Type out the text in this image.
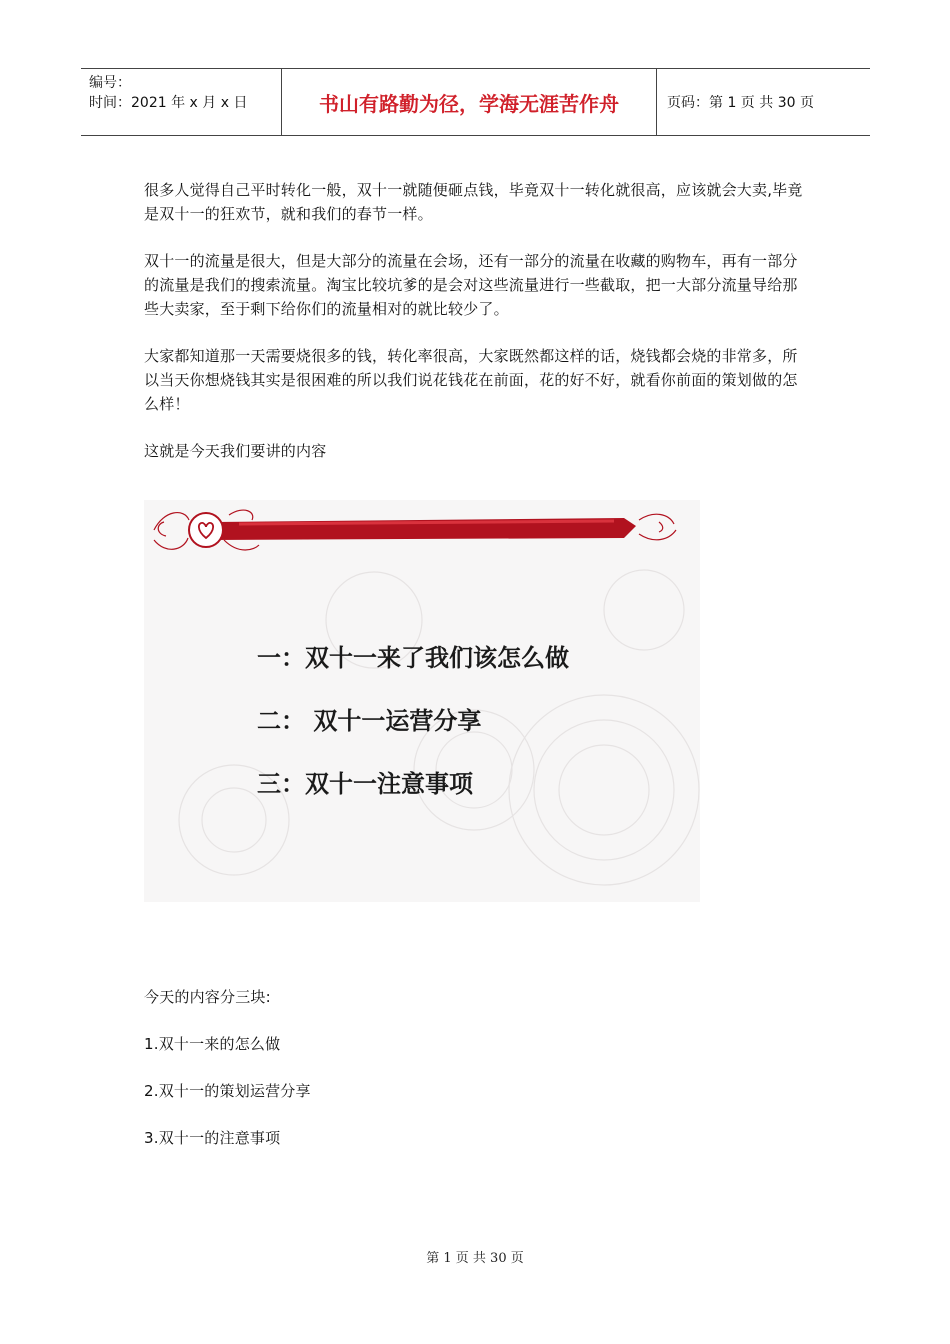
编号：
时间：2021 年 x 月 x 日	书山有路勤为径，学海无涯苦作舟	页码：第 1 页 共 30 页

很多人觉得自己平时转化一般，双十一就随便砸点钱，毕竟双十一转化就很高，应该就会大卖,毕竟是双十一的狂欢节，就和我们的春节一样。

双十一的流量是很大，但是大部分的流量在会场，还有一部分的流量在收藏的购物车，再有一部分的流量是我们的搜索流量。淘宝比较坑爹的是会对这些流量进行一些截取，把一大部分流量导给那些大卖家，至于剩下给你们的流量相对的就比较少了。

大家都知道那一天需要烧很多的钱，转化率很高，大家既然都这样的话，烧钱都会烧的非常多，所以当天你想烧钱其实是很困难的所以我们说花钱花在前面，花的好不好，就看你前面的策划做的怎么样！

这就是今天我们要讲的内容

一：双十一来了我们该怎么做
二： 双十一运营分享
三：双十一注意事项

今天的内容分三块:

1.双十一来的怎么做

2.双十一的策划运营分享

3.双十一的注意事项

第 1 页 共 30 页
